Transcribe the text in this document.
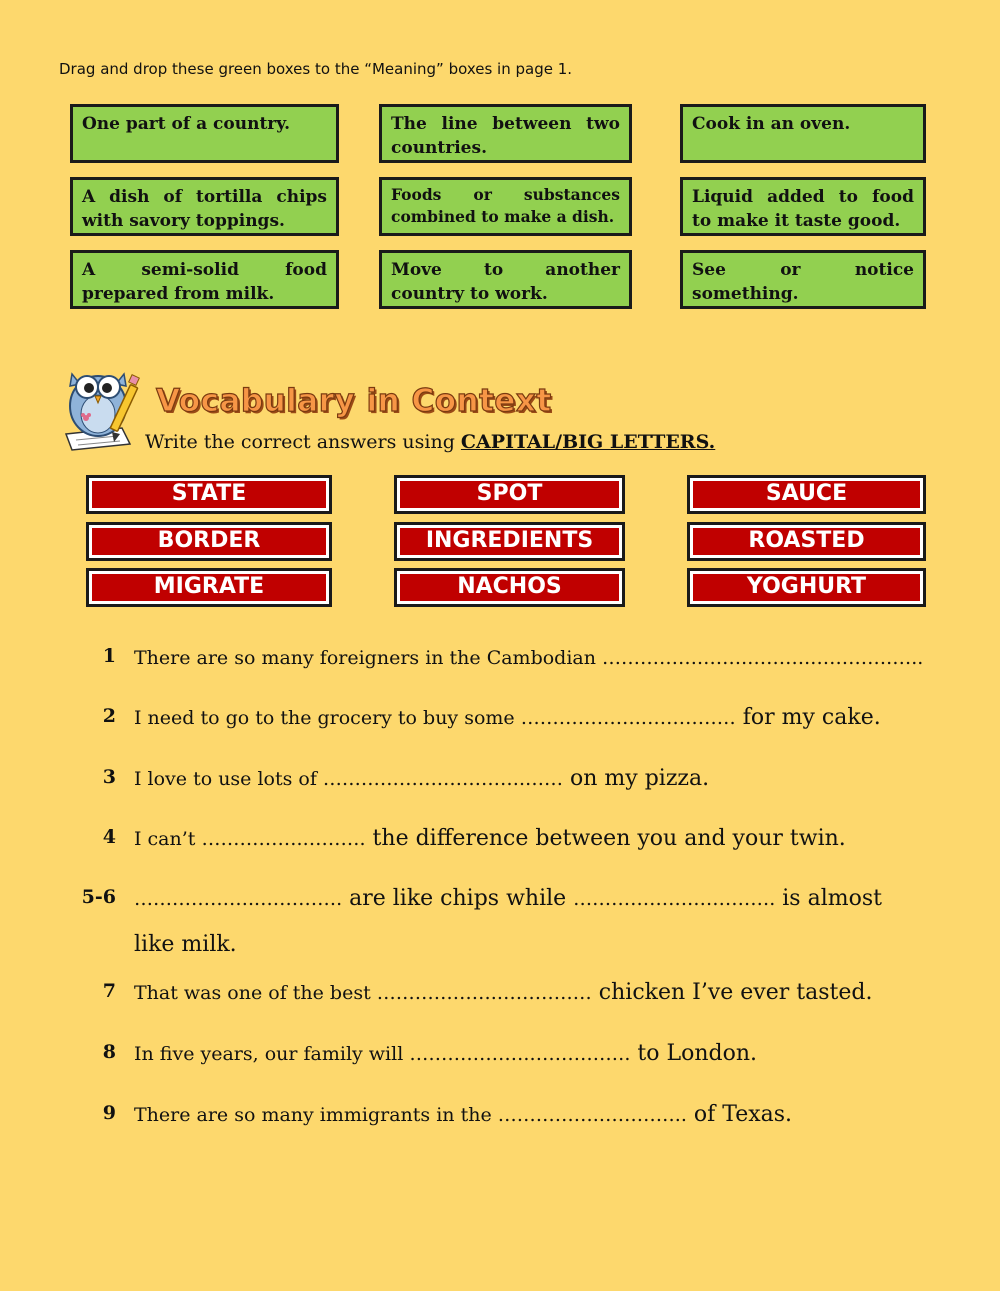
Drag and drop these green boxes to the “Meaning” boxes in page 1.
One part of a country.	The line between two countries.
Cook in an oven.
A dish of tortilla chips with savory toppings.
Foods or substances combined to make a dish.
Liquid added to food to make it taste good.
A semi-solid food prepared from milk.
Move to another country to work.
See or notice something.
Vocabulary in Context
Write the correct answers using CAPITAL/BIG LETTERS.
STATE	SPOT	SAUCE
BORDER	INGREDIENTS	ROASTED
MIGRATE	NACHOS	YOGHURT
1 There are so many foreigners in the Cambodian …………….…….……….………….…..
2 I need to go to the grocery to buy some ……………….…………… for my cake.
3 I love to use lots of ……………….………….…… on my pizza.
4 I can’t …………….………. the difference between you and your twin.
5-6 ………………..…………. are like chips while ……………….…………. is almost
like milk.
7 That was one of the best ……………….…………… chicken I’ve ever tasted.
8 In five years, our family will ……………….……………. to London.
9 There are so many immigrants in the …………….………….. of Texas.
